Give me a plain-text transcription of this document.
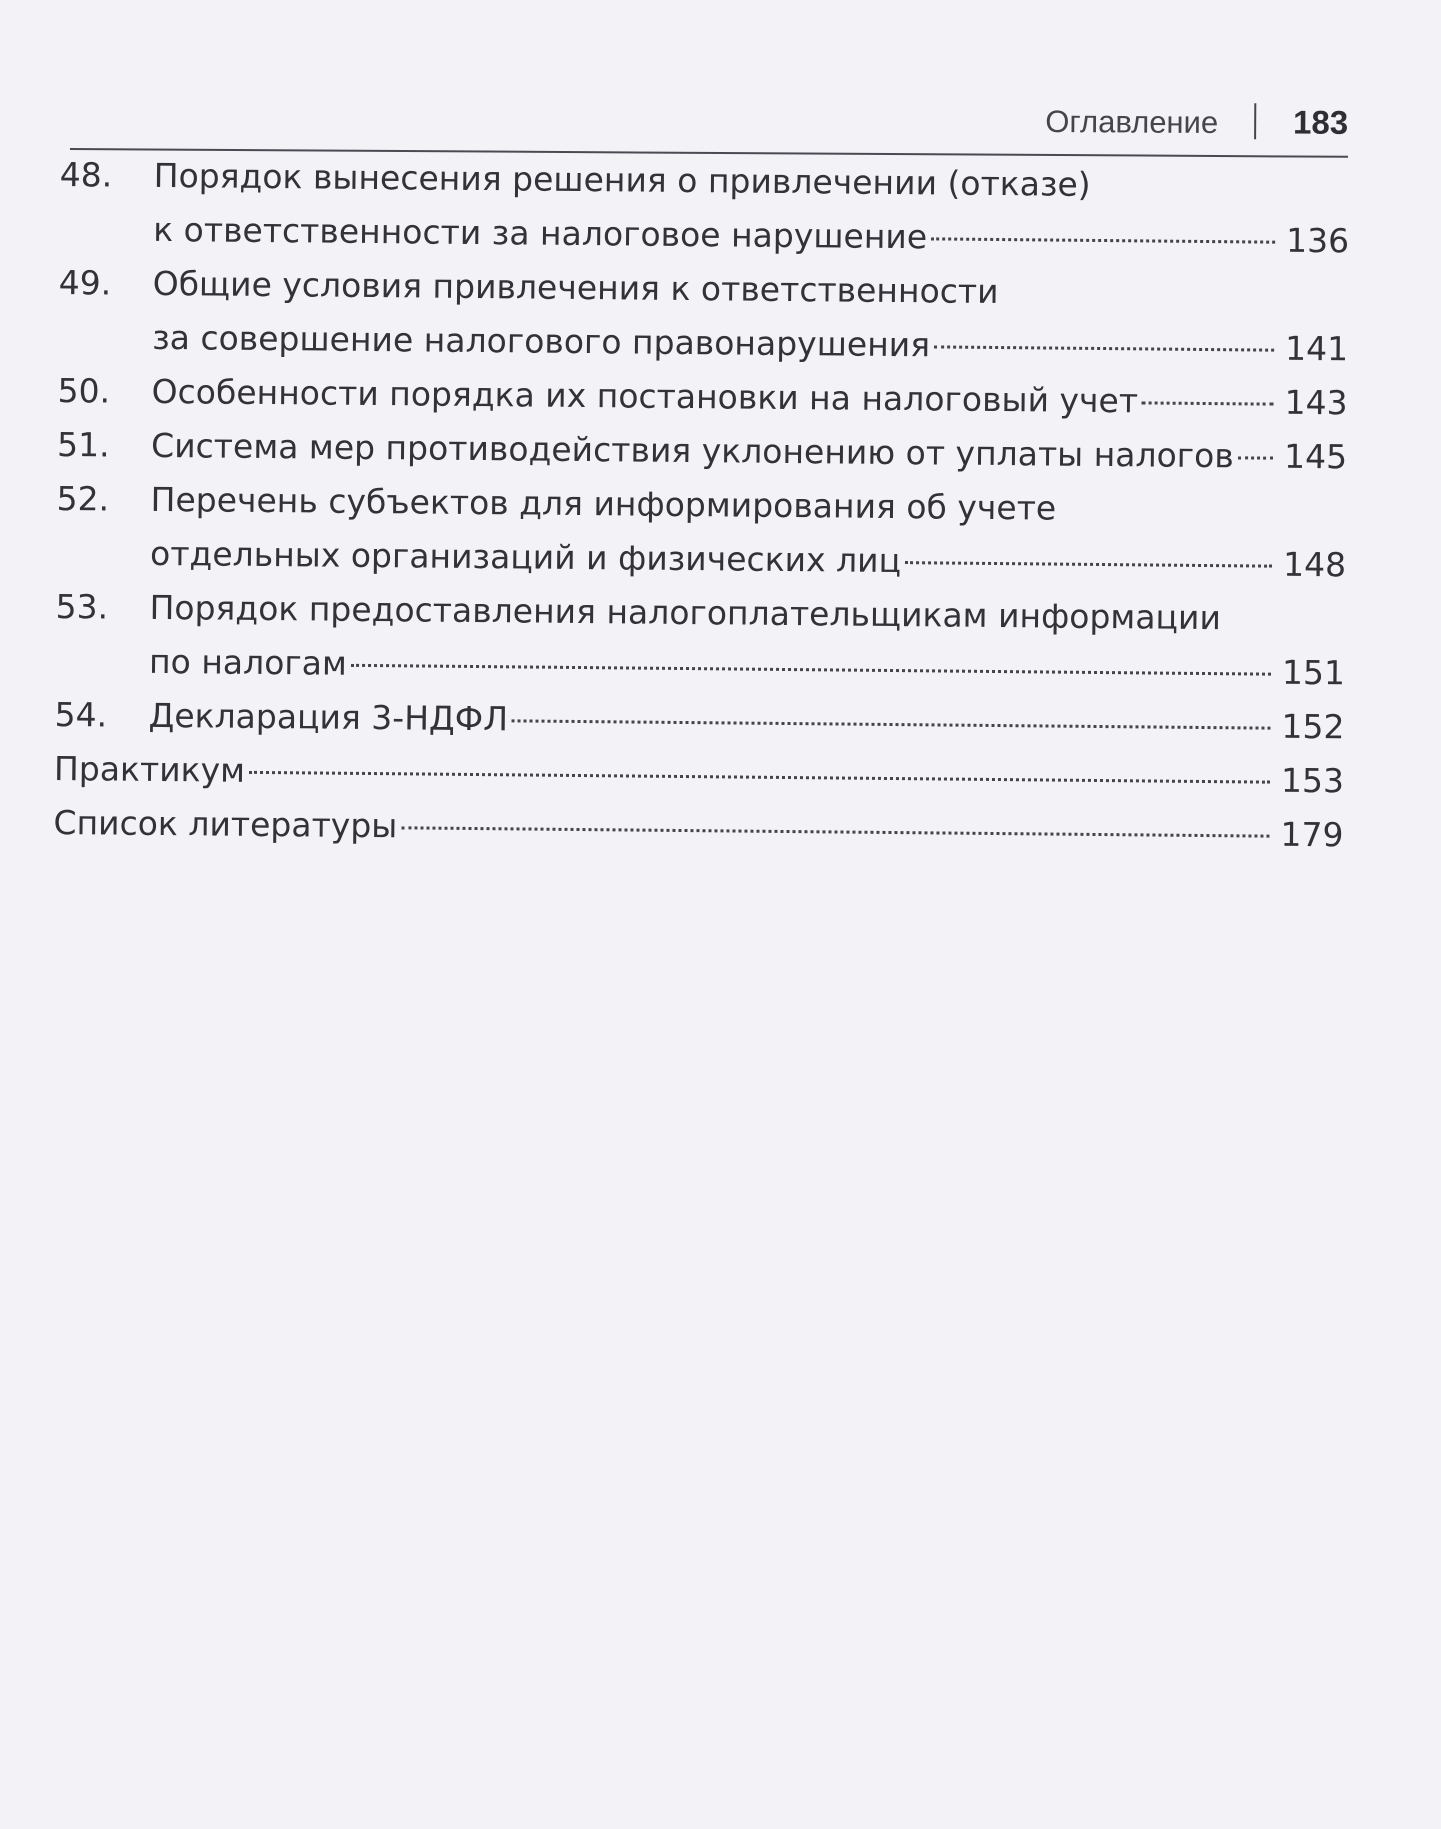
Оглавление 183
48.	Порядок вынесения решения о привлечении (отказе)
к ответственности за налоговое нарушение	136
49.	Общие условия привлечения к ответственности
за совершение налогового правонарушения	141
50.	Особенности порядка их постановки на налоговый учет	143
51.	Система мер противодействия уклонению от уплаты налогов 145
52.	Перечень субъектов для информирования об учете
отдельных организаций и физических лиц	148
53.	Порядок предоставления налогоплательщикам информации
по налогам	151
54.	Декларация 3-НДФЛ	152
Практикум	153
Список литературы	179
